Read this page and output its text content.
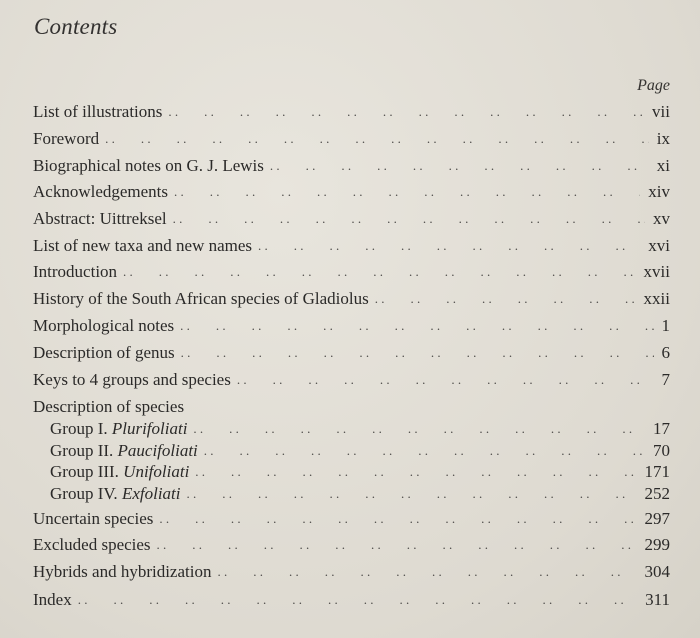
Contents
Page
List of illustrations . .	vii
Foreword . .	ix
Biographical notes on G. J. Lewis . .	xi
Acknowledgements . .	xiv
Abstract: Uittreksel . .	xv
List of new taxa and new names . .	xvi
Introduction . .	xvii
History of the South African species of Gladiolus . .	xxii
Morphological notes . .	1
Description of genus . .	6
Keys to 4 groups and species . .	7
Description of species
Group I. Plurifoliati . .	17
Group II. Paucifoliati . .	70
Group III. Unifoliati . .	171
Group IV. Exfoliati . .	252
Uncertain species . .	297
Excluded species . .	299
Hybrids and hybridization . .	304
Index . .	311
